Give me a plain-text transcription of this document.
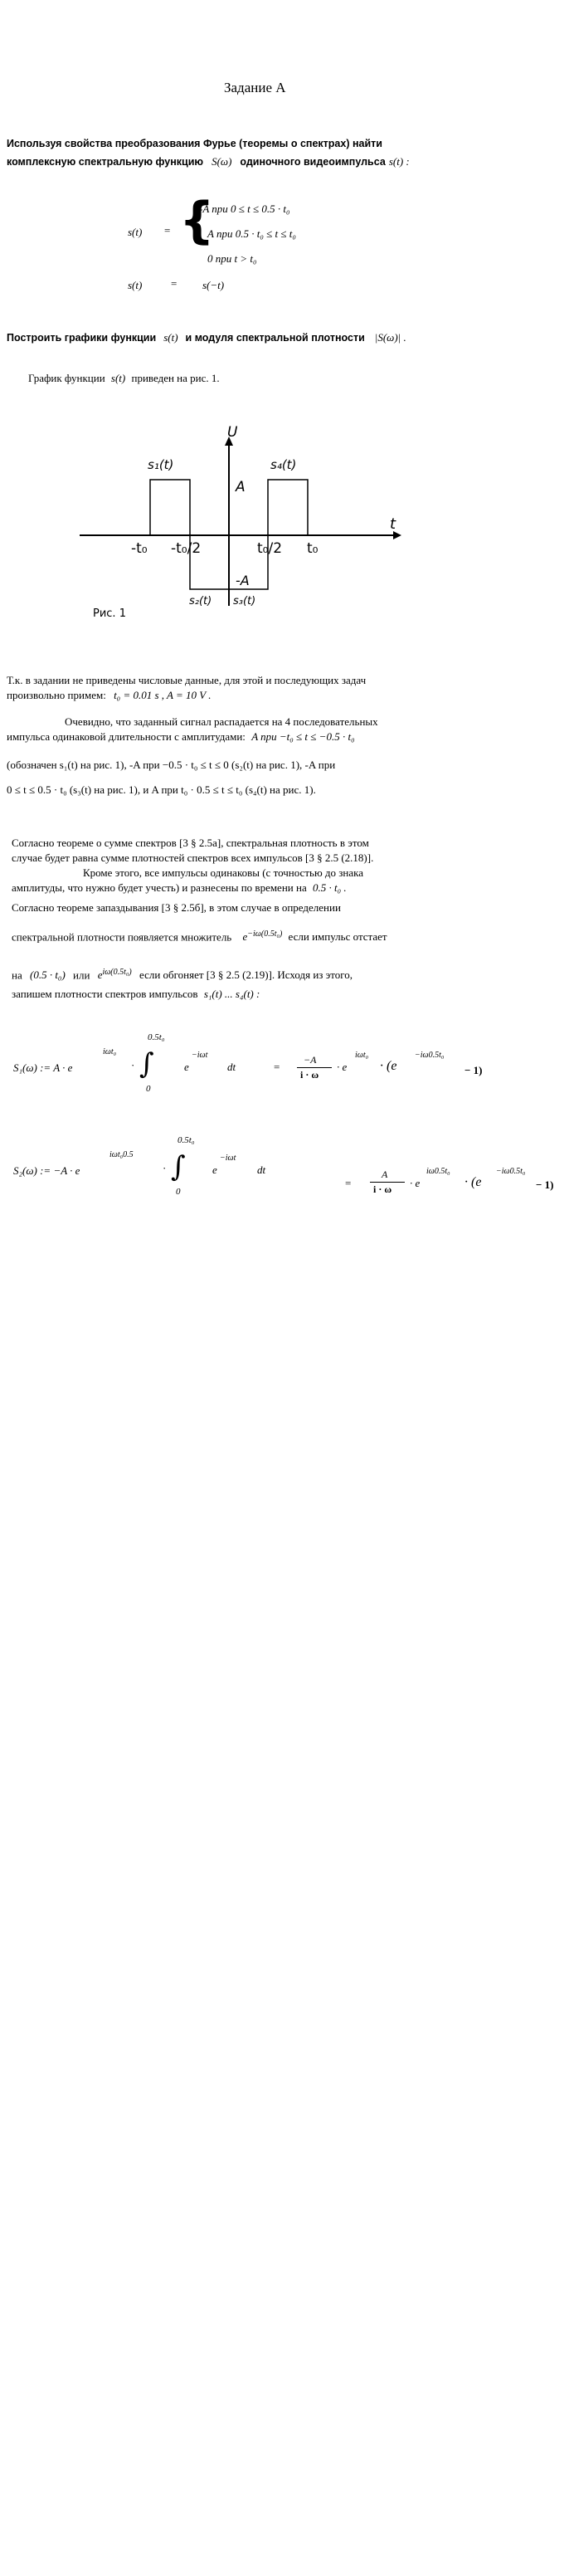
Задание А
Используя свойства преобразования Фурье (теоремы о спектрах) найти
комплексную спектральную функцию S(ω) одиночного видеоимпульса s(t) :
s(t) = {
-A при 0 ≤ t ≤ 0.5 · t₀
A при 0.5 · t₀ ≤ t ≤ t₀
0 при t > t₀
s(t)	= s(−t)
Построить графики функции s(t) и модуля спектральной плотности |S(ω)| .
График функции s(t) приведен на рис. 1.
U
t
A
-A
s₁(t)	s₄(t)
s₂(t) s₃(t)
-t₀ -t₀/2	t₀/2 t₀
Рис. 1
Т.к. в задании не приведены числовые данные, для этой и последующих задач
произвольно примем: t₀ = 0.01 s , A = 10 V .
Очевидно, что заданный сигнал распадается на 4 последовательных
импульса одинаковой длительности с амплитудами: A при −t₀ ≤ t ≤ −0.5 · t₀
(обозначен s₁(t) на рис. 1), -A при −0.5 · t₀ ≤ t ≤ 0 (s₂(t) на рис. 1), -A при
0 ≤ t ≤ 0.5 · t₀ (s₃(t) на рис. 1), и A при t₀ · 0.5 ≤ t ≤ t₀ (s₄(t) на рис. 1).
Согласно теореме о сумме спектров [3 § 2.5а], спектральная плотность в этом
случае будет равна сумме плотностей спектров всех импульсов [3 § 2.5 (2.18)].
Кроме этого, все импульсы одинаковы (с точностью до знака
амплитуды, что нужно будет учесть) и разнесены по времени на 0.5 · t₀ .
Согласно теореме запаздывания [3 § 2.5б], в этом случае в определении
спектральной плотности появляется множитель $e^{-i\omega(0.5t_0)}$ если импульс отстает
на (0.5 · t₀) или $e^{i\omega(0.5t_0)}$ если обгоняет [3 § 2.5 (2.19)]. Исходя из этого,
запишем плотности спектров импульсов s₁(t) ... s₄(t) :
S₁(ω) := A · e
iωt₀
· ∫
0.5t₀
0
e
−iωt
dt	=
−A
i · ω
· e
iωt₀
· (e
−iω0.5t₀
− 1)
S₂(ω) := −A · e
iωt₀0.5
· ∫
0.5t₀
0
e
−iωt
dt
=
A
i · ω · e
iω0.5t₀
· (e
−iω0.5t₀
− 1)
